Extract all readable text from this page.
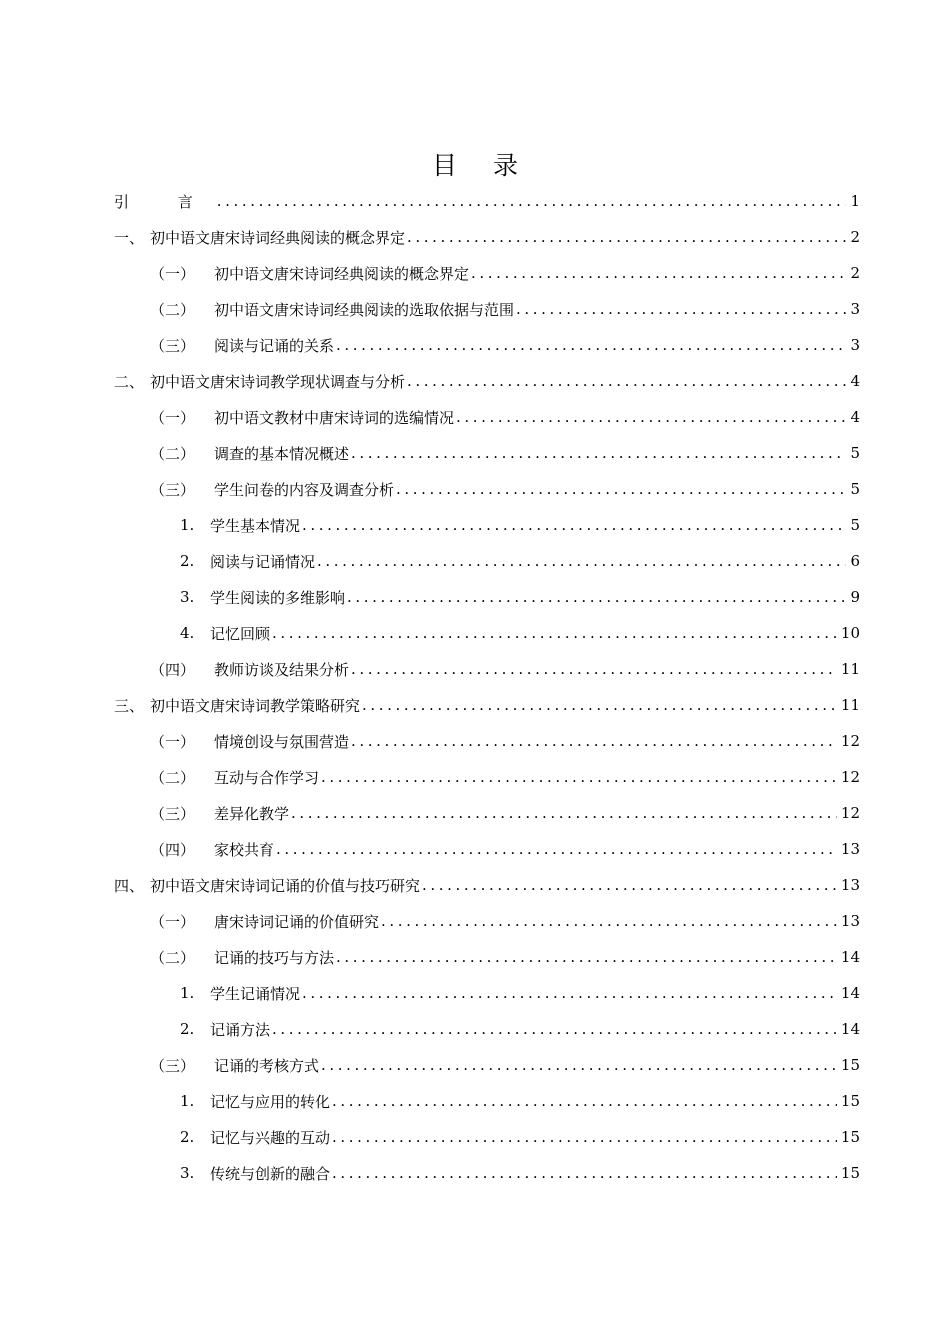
目 录
引 言 .....	1
一、 初中语文唐宋诗词经典阅读的概念界定 .....	2
（一）	初中语文唐宋诗词经典阅读的概念界定 .....	2
（二）	初中语文唐宋诗词经典阅读的选取依据与范围 .....	3
（三）	阅读与记诵的关系 .....	3
二、 初中语文唐宋诗词教学现状调查与分析 .....	4
（一）	初中语文教材中唐宋诗词的选编情况 .....	4
（二）	调查的基本情况概述 .....	5
（三）	学生问卷的内容及调查分析 .....	5
1.	学生基本情况 .....	5
2.	阅读与记诵情况 .....	6
3.	学生阅读的多维影响 .....	9
4.	记忆回顾 .....	10
（四）	教师访谈及结果分析 .....	11
三、 初中语文唐宋诗词教学策略研究 .....	11
（一）	情境创设与氛围营造 .....	12
（二）	互动与合作学习 .....	12
（三）	差异化教学 .....	12
（四）	家校共育 .....	13
四、 初中语文唐宋诗词记诵的价值与技巧研究 .....	13
（一）	唐宋诗词记诵的价值研究 .....	13
（二）	记诵的技巧与方法 .....	14
1.	学生记诵情况 .....	14
2.	记诵方法 .....	14
（三）	记诵的考核方式 .....	15
1.	记忆与应用的转化 .....	15
2.	记忆与兴趣的互动 .....	15
3.	传统与创新的融合 .....	15
